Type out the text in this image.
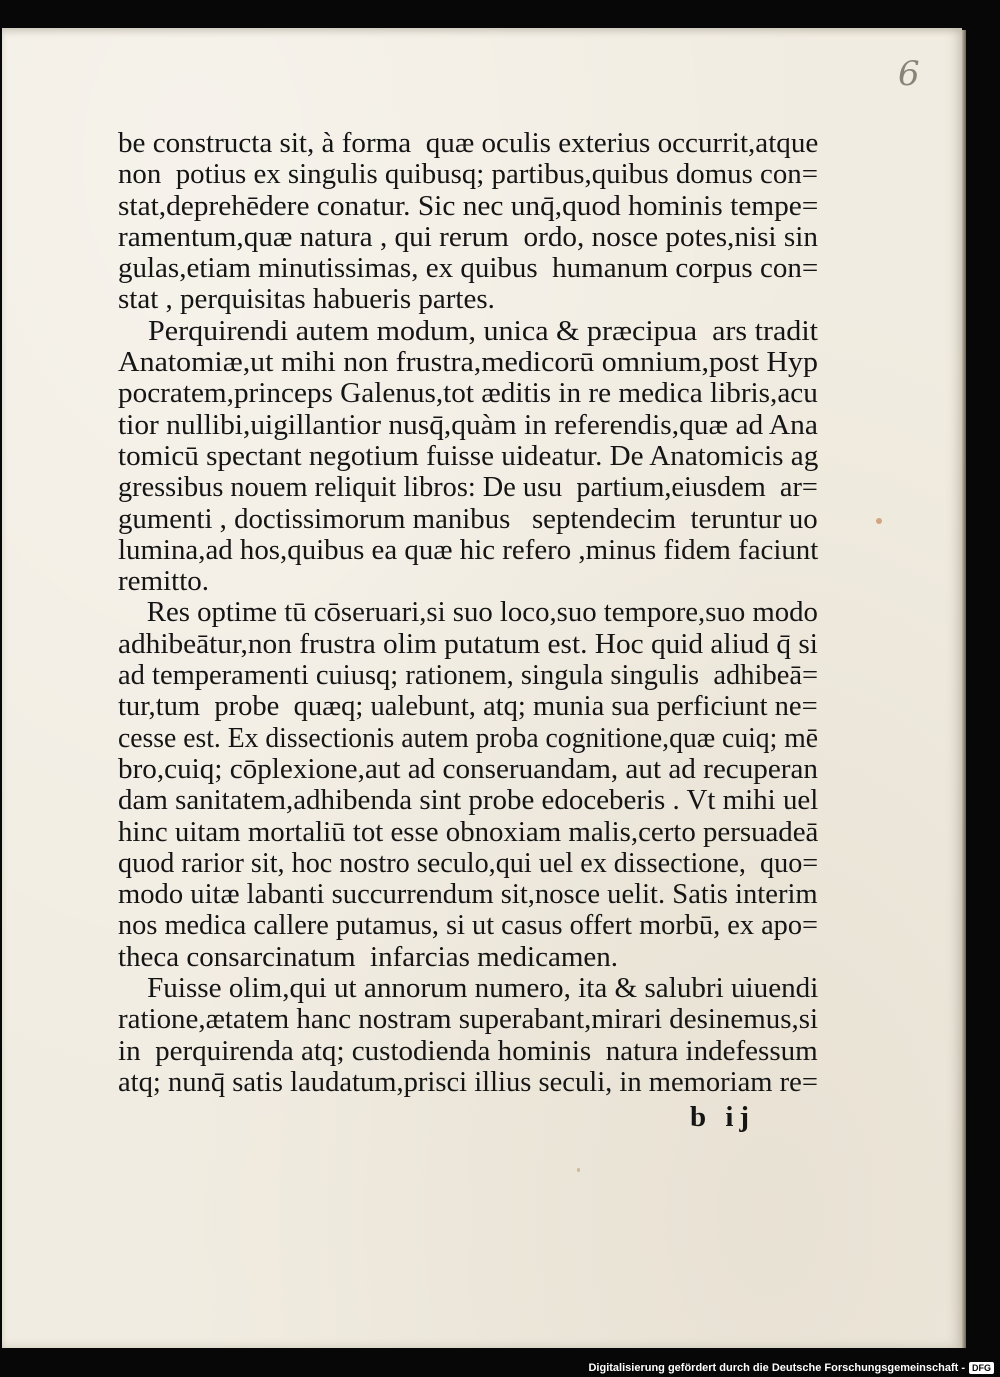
6
be constructa sit, à forma  quæ oculis exterius occurrit,atque
non  potius ex singulis quibusq; partibus,quibus domus con=
stat,deprehēdere conatur. Sic nec unq̄,quod hominis tempe=
ramentum,quæ natura , qui rerum  ordo, nosce potes,nisi sin
gulas,etiam minutissimas, ex quibus  humanum corpus con=
stat , perquisitas habueris partes.
Perquirendi autem modum, unica & præcipua  ars tradit
Anatomiæ,ut mihi non frustra,medicorū omnium,post Hyp
pocratem,princeps Galenus,tot æditis in re medica libris,acu
tior nullibi,uigillantior nusq̄,quàm in referendis,quæ ad Ana
tomicū spectant negotium fuisse uideatur. De Anatomicis ag
gressibus nouem reliquit libros: De usu  partium,eiusdem  ar=
gumenti , doctissimorum manibus   septendecim  teruntur uo
lumina,ad hos,quibus ea quæ hic refero ,minus fidem faciunt
remitto.
Res optime tū cōseruari,si suo loco,suo tempore,suo modo
adhibeātur,non frustra olim putatum est. Hoc quid aliud q̄ si
ad temperamenti cuiusq; rationem, singula singulis  adhibeā=
tur,tum  probe  quæq; ualebunt, atq; munia sua perficiunt ne=
cesse est. Ex dissectionis autem proba cognitione,quæ cuiq; mē
bro,cuiq; cōplexione,aut ad conseruandam, aut ad recuperan
dam sanitatem,adhibenda sint probe edoceberis . Vt mihi uel
hinc uitam mortaliū tot esse obnoxiam malis,certo persuadeā
quod rarior sit, hoc nostro seculo,qui uel ex dissectione,  quo=
modo uitæ labanti succurrendum sit,nosce uelit. Satis interim
nos medica callere putamus, si ut casus offert morbū, ex apo=
theca consarcinatum  infarcias medicamen.
Fuisse olim,qui ut annorum numero, ita & salubri uiuendi
ratione,ætatem hanc nostram superabant,mirari desinemus,si
in  perquirenda atq; custodienda hominis  natura indefessum
atq; nunq̄ satis laudatum,prisci illius seculi, in memoriam re=
b ij
Digitalisierung gefördert durch die Deutsche Forschungsgemeinschaft - DFG
